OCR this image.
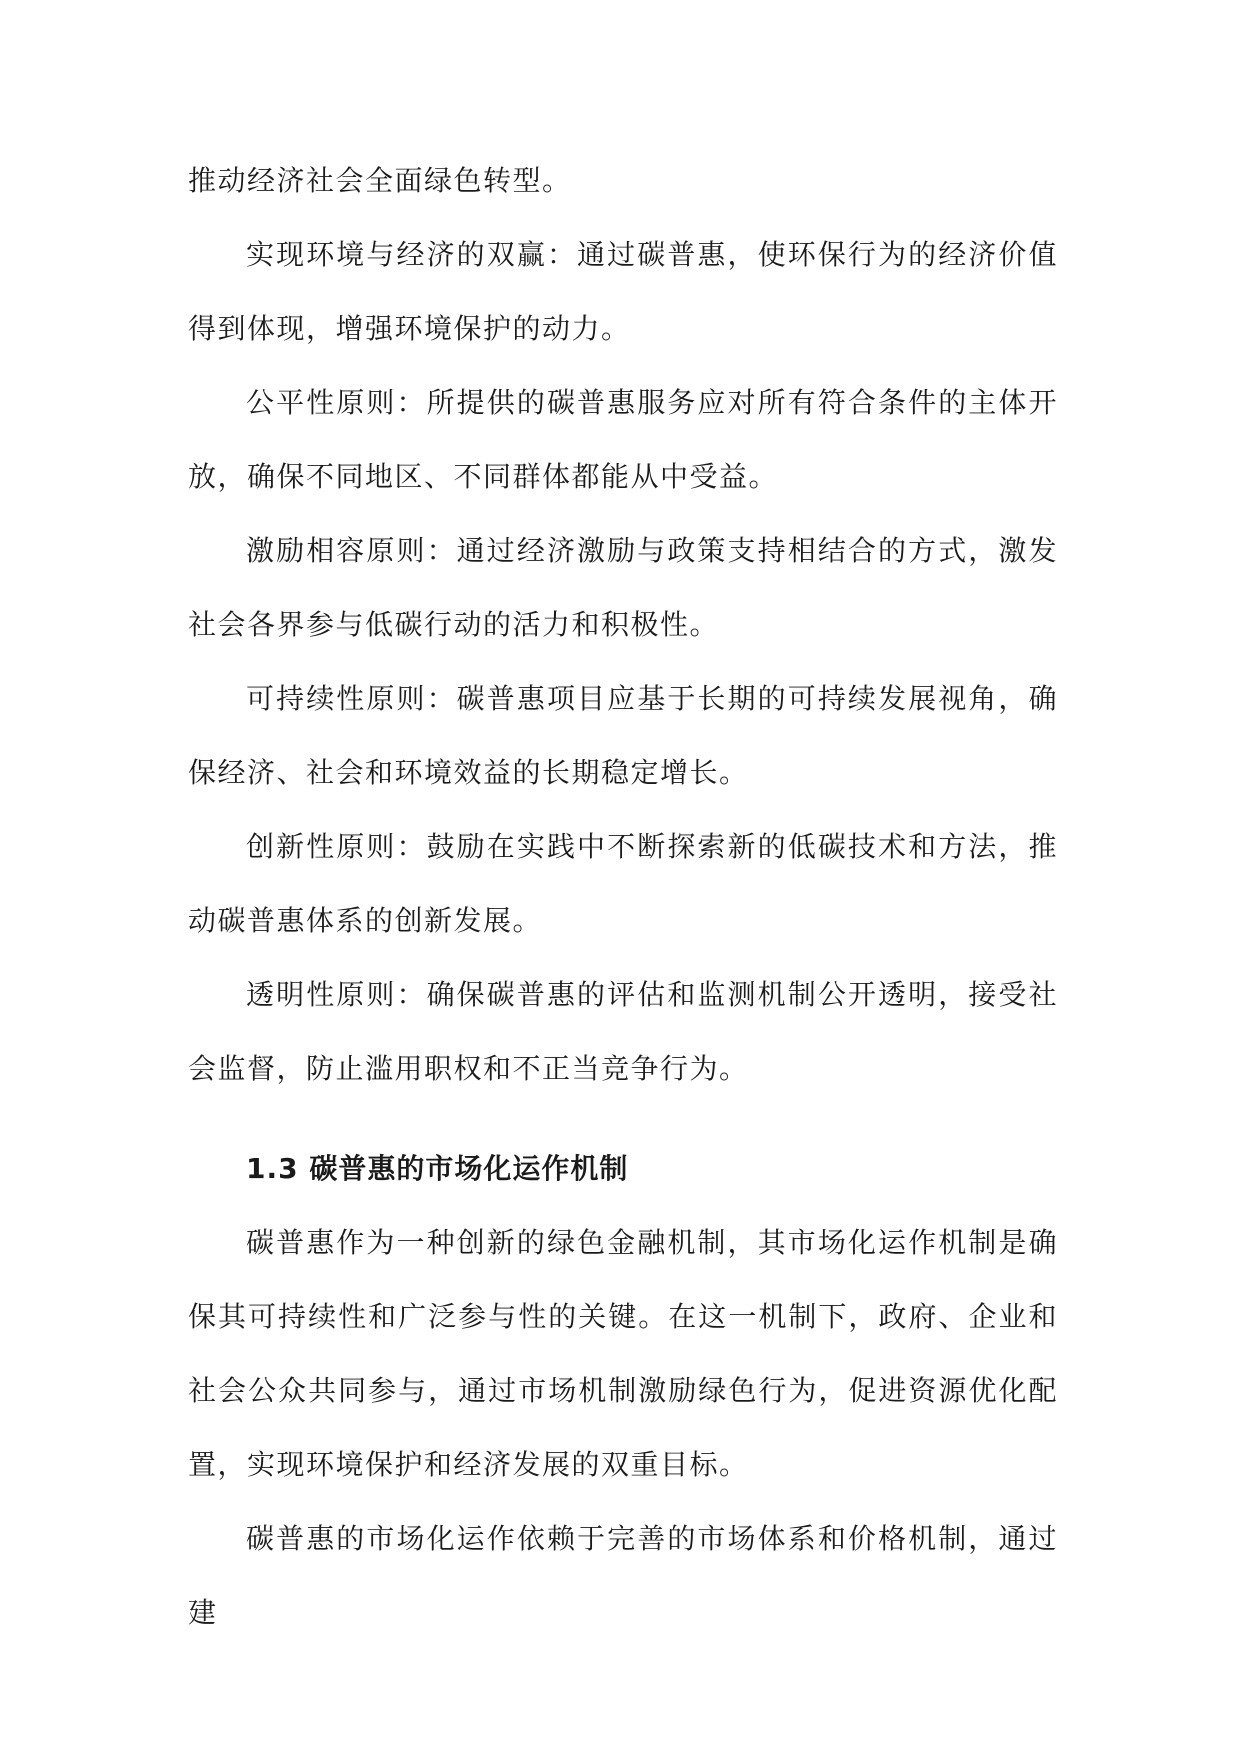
推动经济社会全面绿色转型。

实现环境与经济的双赢：通过碳普惠，使环保行为的经济价值得到体现，增强环境保护的动力。

公平性原则：所提供的碳普惠服务应对所有符合条件的主体开放，确保不同地区、不同群体都能从中受益。

激励相容原则：通过经济激励与政策支持相结合的方式，激发社会各界参与低碳行动的活力和积极性。

可持续性原则：碳普惠项目应基于长期的可持续发展视角，确保经济、社会和环境效益的长期稳定增长。

创新性原则：鼓励在实践中不断探索新的低碳技术和方法，推动碳普惠体系的创新发展。

透明性原则：确保碳普惠的评估和监测机制公开透明，接受社会监督，防止滥用职权和不正当竞争行为。

1.3 碳普惠的市场化运作机制

碳普惠作为一种创新的绿色金融机制，其市场化运作机制是确保其可持续性和广泛参与性的关键。在这一机制下，政府、企业和社会公众共同参与，通过市场机制激励绿色行为，促进资源优化配置，实现环境保护和经济发展的双重目标。

碳普惠的市场化运作依赖于完善的市场体系和价格机制，通过建
